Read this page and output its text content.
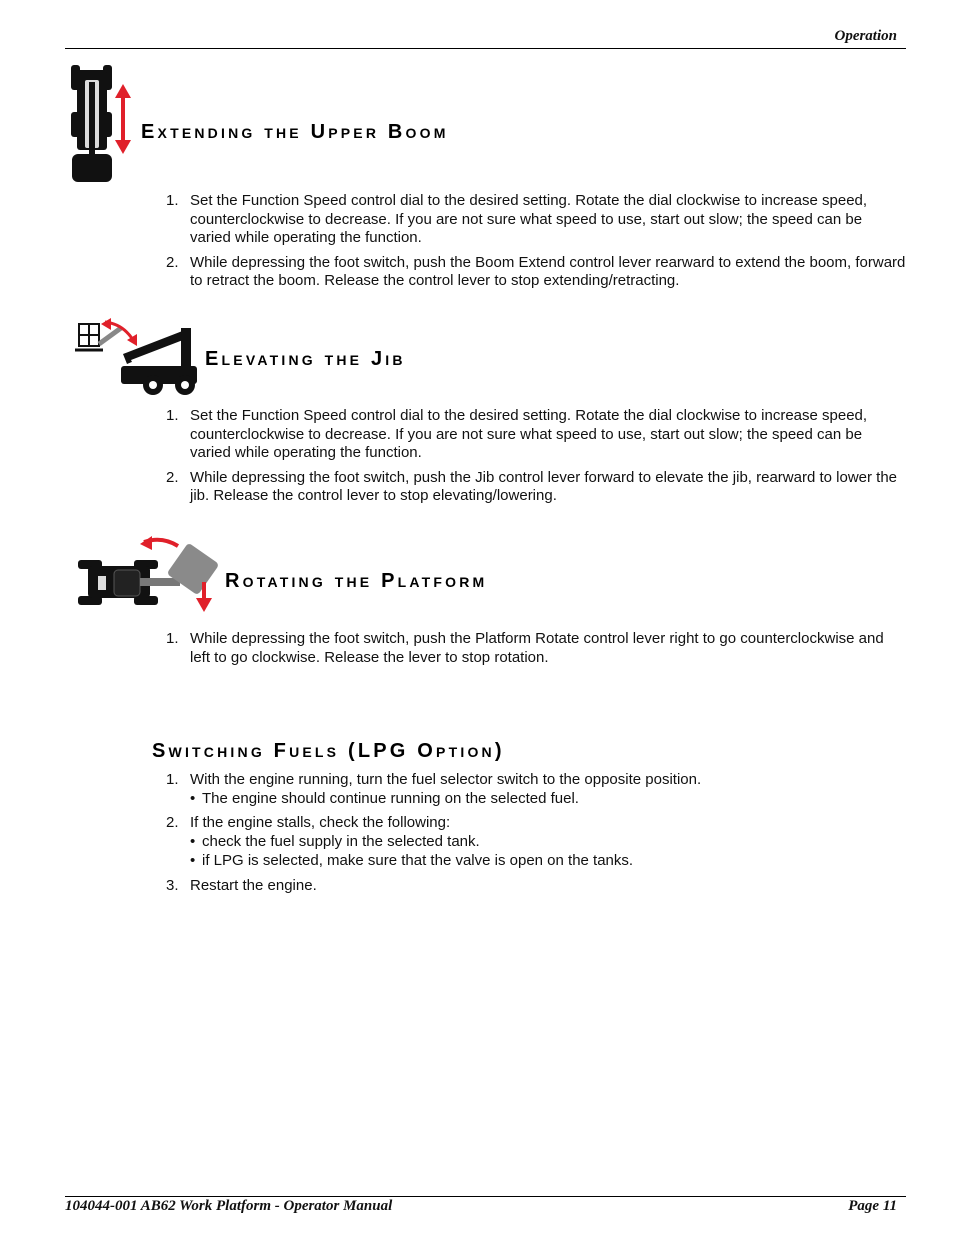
Operation
Extending the Upper Boom
1. Set the Function Speed control dial to the desired setting. Rotate the dial clockwise to increase speed, counterclockwise to decrease. If you are not sure what speed to use, start out slow; the speed can be varied while operating the function.
2. While depressing the foot switch, push the Boom Extend control lever rearward to extend the boom, forward to retract the boom. Release the control lever to stop extending/retracting.
Elevating the Jib
1. Set the Function Speed control dial to the desired setting. Rotate the dial clockwise to increase speed, counterclockwise to decrease. If you are not sure what speed to use, start out slow; the speed can be varied while operating the function.
2. While depressing the foot switch, push the Jib control lever forward to elevate the jib, rearward to lower the jib. Release the control lever to stop elevating/lowering.
Rotating the Platform
1. While depressing the foot switch, push the Platform Rotate control lever right to go counterclockwise and left to go clockwise. Release the lever to stop rotation.
Switching Fuels (LPG Option)
1. With the engine running, turn the fuel selector switch to the opposite position.
• The engine should continue running on the selected fuel.
2. If the engine stalls, check the following:
• check the fuel supply in the selected tank.
• if LPG is selected, make sure that the valve is open on the tanks.
3. Restart the engine.
104044-001 AB62 Work Platform - Operator Manual	Page 11
